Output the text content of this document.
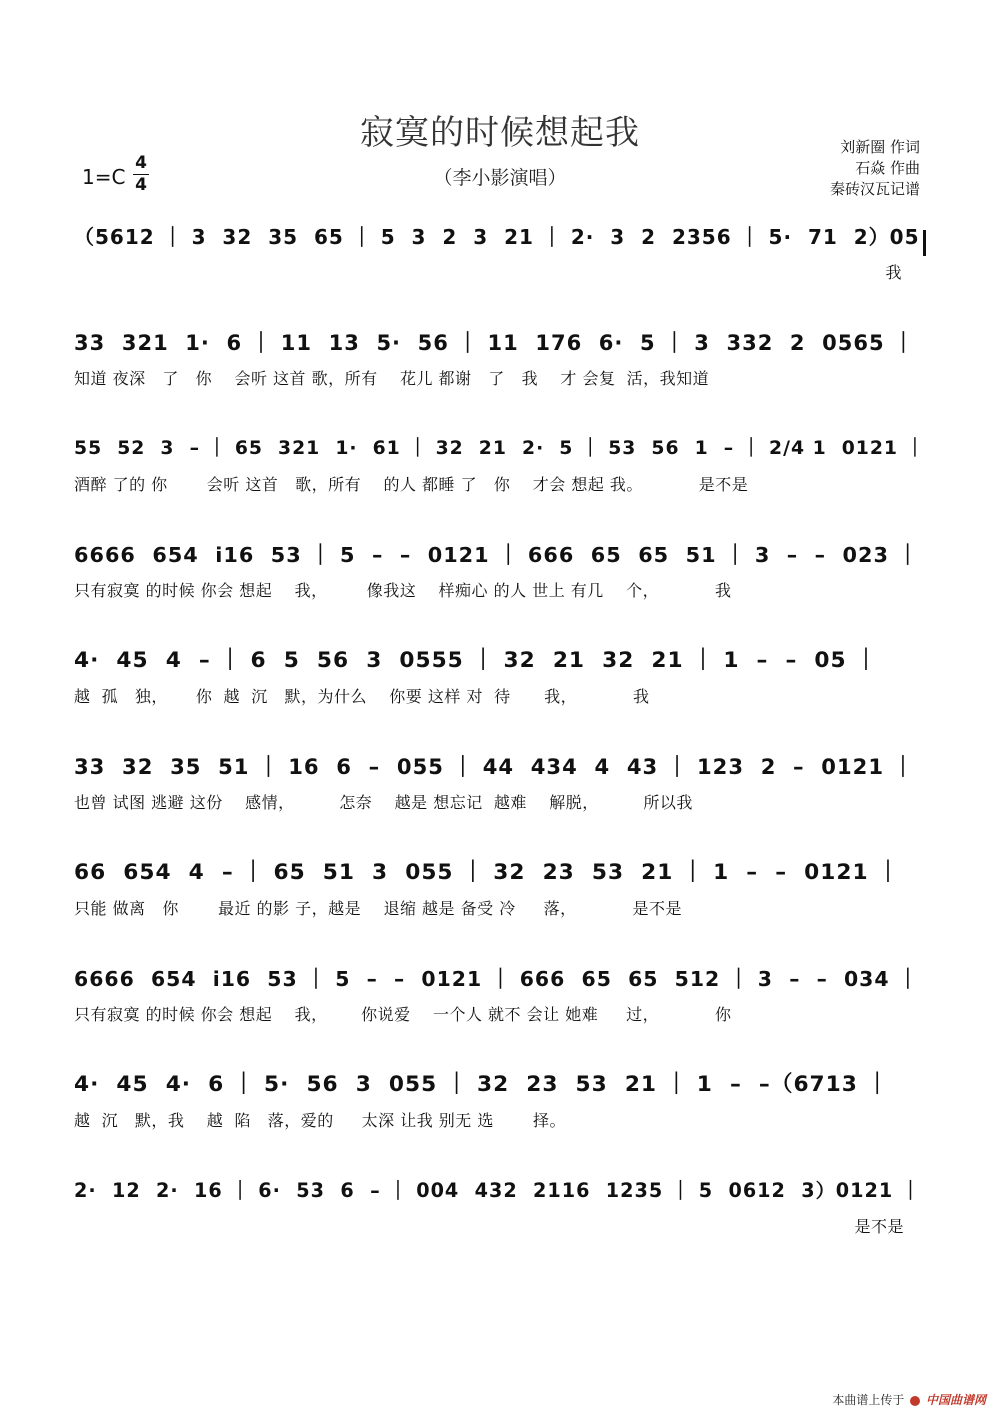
寂寞的时候想起我
（李小影演唱）
1=C
4
4
刘新圈 作词
石焱 作曲
秦砖汉瓦记谱
（5612 ｜ 3  32  35  65 ｜ 5  3  2  3  21 ｜ 2·  3  2  2356 ｜ 5·  71  2）05
我
33  321  1·  6 ｜ 11  13  5·  56 ｜ 11  176  6·  5 ｜ 3  332  2  0565 ｜
知道 夜深   了   你    会听 这首 歌，所有    花儿 都谢   了   我    才 会复  活，我知道
55  52  3  – ｜ 65  321  1·  61 ｜ 32  21  2·  5 ｜ 53  56  1  – ｜ 2/4 1  0121 ｜
酒醉 了的 你       会听 这首   歌，所有    的人 都睡 了   你    才会 想起 我。          是不是
6666  654  i16  53 ｜ 5  –  –  0121 ｜ 666  65  65  51 ｜ 3  –  –  023 ｜
只有寂寞 的时候 你会 想起    我，       像我这    样痴心 的人 世上 有几    个，          我
4·  45  4  – ｜ 6  5  56  3  0555 ｜ 32  21  32  21 ｜ 1  –  –  05 ｜
越  孤   独，     你  越  沉   默，为什么    你要 这样 对  待      我，          我
33  32  35  51 ｜ 16  6  –  055 ｜ 44  434  4  43 ｜ 123  2  –  0121 ｜
也曾 试图 逃避 这份    感情，        怎奈    越是 想忘记  越难    解脱，        所以我
66  654  4  – ｜ 65  51  3  055 ｜ 32  23  53  21 ｜ 1  –  –  0121 ｜
只能 做离   你       最近 的影 子，越是    退缩 越是 备受 冷     落，          是不是
6666  654  i16  53 ｜ 5  –  –  0121 ｜ 666  65  65  512 ｜ 3  –  –  034 ｜
只有寂寞 的时候 你会 想起    我，      你说爱    一个人 就不 会让 她难     过，          你
4·  45  4·  6 ｜ 5·  56  3  055 ｜ 32  23  53  21 ｜ 1  –  –（6713 ｜
越  沉   默，我    越  陷   落，爱的     太深 让我 别无 选       择。
2·  12  2·  16 ｜ 6·  53  6  – ｜ 004  432  2116  1235 ｜ 5  0612  3）0121 ｜
是不是
本曲谱上传于 中国曲谱网
